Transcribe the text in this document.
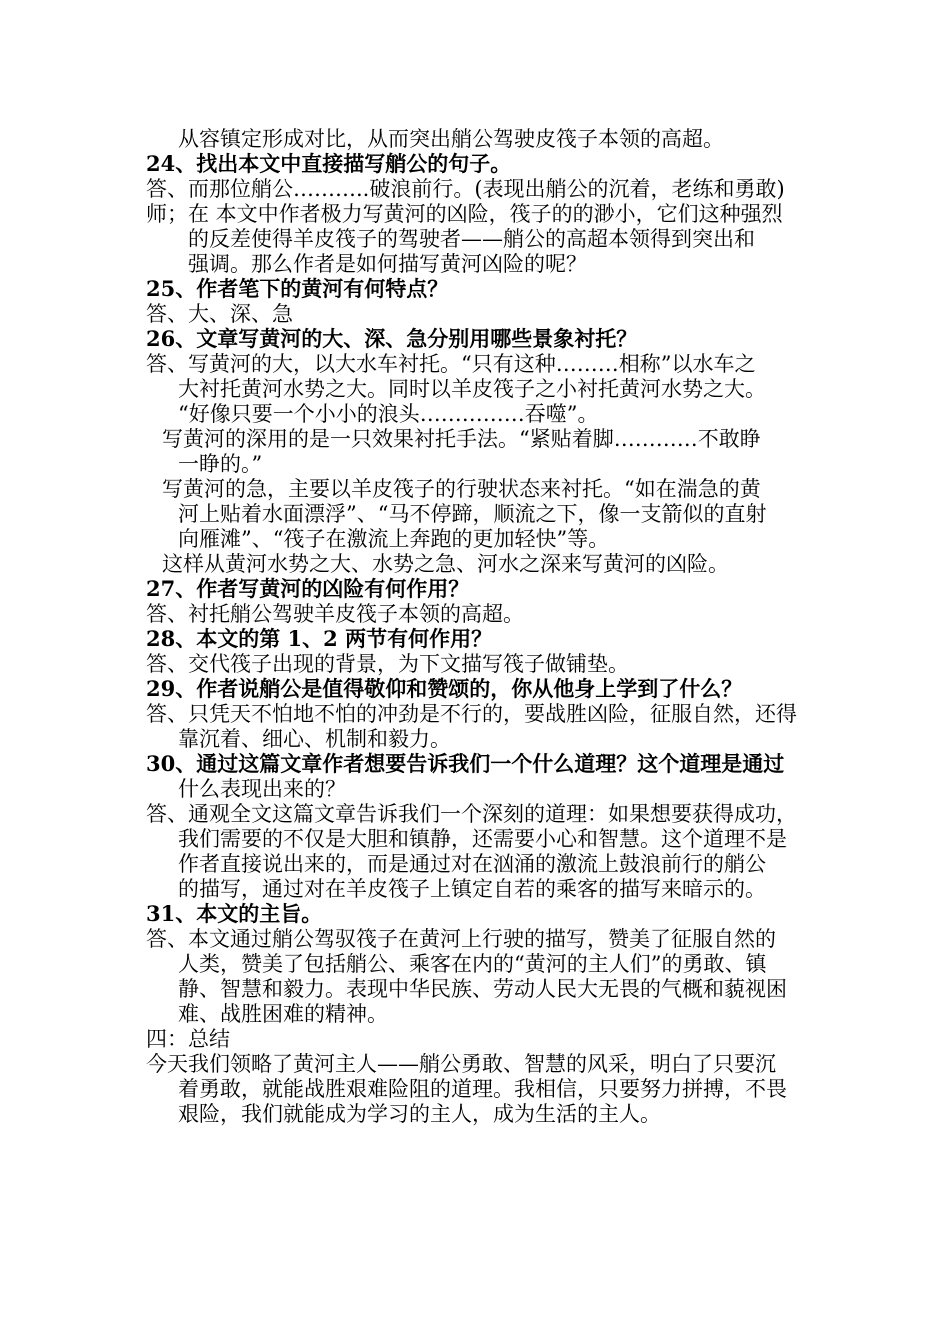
从容镇定形成对比，从而突出艄公驾驶皮筏子本领的高超。
24、找出本文中直接描写艄公的句子。
答、而那位艄公………..破浪前行。(表现出艄公的沉着，老练和勇敢)
师；在 本文中作者极力写黄河的凶险，筏子的的渺小，它们这种强烈
的反差使得羊皮筏子的驾驶者——艄公的高超本领得到突出和
强调。那么作者是如何描写黄河凶险的呢？
25、作者笔下的黄河有何特点？
答、大、深、急
26、文章写黄河的大、深、急分别用哪些景象衬托？
答、写黄河的大，以大水车衬托。“只有这种………相称”以水车之
大衬托黄河水势之大。同时以羊皮筏子之小衬托黄河水势之大。
“好像只要一个小小的浪头……………吞噬”。
写黄河的深用的是一只效果衬托手法。“紧贴着脚…………不敢睁
一睁的。”
写黄河的急，主要以羊皮筏子的行驶状态来衬托。“如在湍急的黄
河上贴着水面漂浮”、“马不停蹄，顺流之下，像一支箭似的直射
向雁滩”、“筏子在激流上奔跑的更加轻快”等。
这样从黄河水势之大、水势之急、河水之深来写黄河的凶险。
27、作者写黄河的凶险有何作用？
答、衬托艄公驾驶羊皮筏子本领的高超。
28、本文的第 1、2 两节有何作用？
答、交代筏子出现的背景，为下文描写筏子做铺垫。
29、作者说艄公是值得敬仰和赞颂的，你从他身上学到了什么？
答、只凭天不怕地不怕的冲劲是不行的，要战胜凶险，征服自然，还得
靠沉着、细心、机制和毅力。
30、通过这篇文章作者想要告诉我们一个什么道理？这个道理是通过
什么表现出来的？
答、通观全文这篇文章告诉我们一个深刻的道理：如果想要获得成功，
我们需要的不仅是大胆和镇静，还需要小心和智慧。这个道理不是
作者直接说出来的，而是通过对在汹涌的激流上鼓浪前行的艄公
的描写，通过对在羊皮筏子上镇定自若的乘客的描写来暗示的。
31、本文的主旨。
答、本文通过艄公驾驭筏子在黄河上行驶的描写，赞美了征服自然的
人类，赞美了包括艄公、乘客在内的“黄河的主人们”的勇敢、镇
静、智慧和毅力。表现中华民族、劳动人民大无畏的气概和藐视困
难、战胜困难的精神。
四：总结
今天我们领略了黄河主人——艄公勇敢、智慧的风采，明白了只要沉
着勇敢，就能战胜艰难险阻的道理。我相信，只要努力拼搏，不畏
艰险，我们就能成为学习的主人，成为生活的主人。
